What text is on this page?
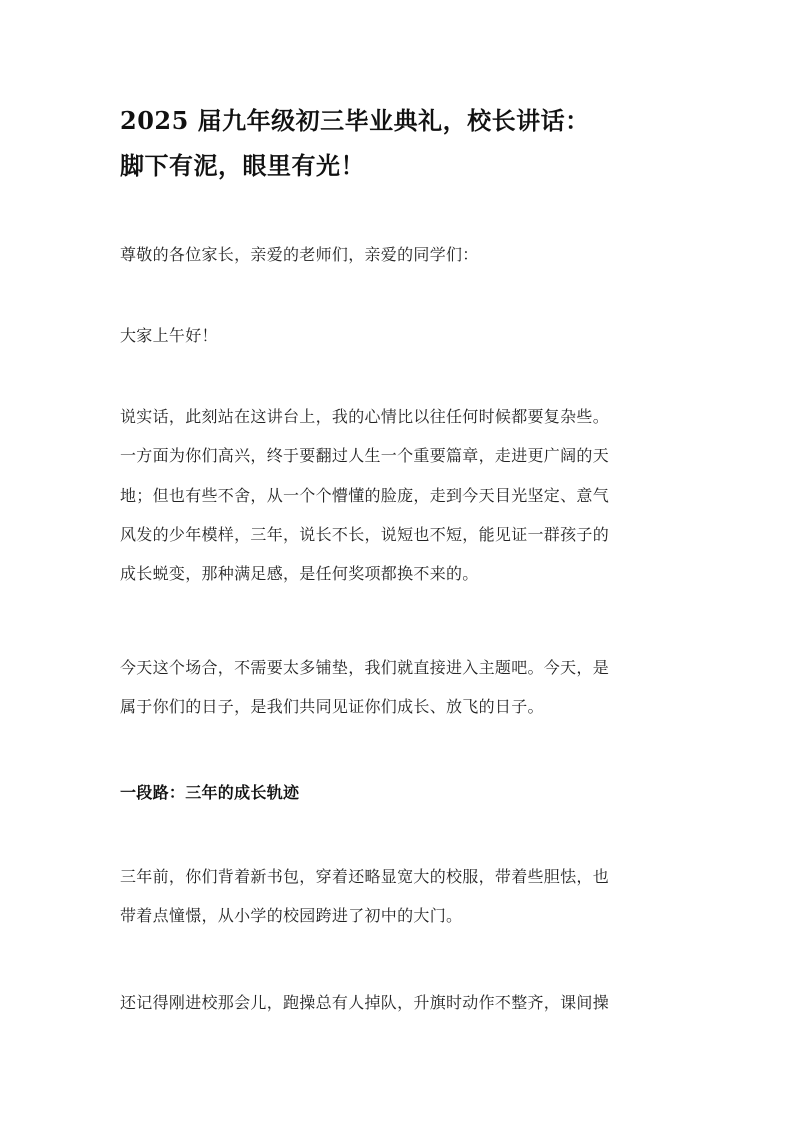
2025 届九年级初三毕业典礼，校长讲话：
脚下有泥，眼里有光！
尊敬的各位家长，亲爱的老师们，亲爱的同学们：
大家上午好！
说实话，此刻站在这讲台上，我的心情比以往任何时候都要复杂些。
一方面为你们高兴，终于要翻过人生一个重要篇章，走进更广阔的天
地；但也有些不舍，从一个个懵懂的脸庞，走到今天目光坚定、意气
风发的少年模样，三年，说长不长，说短也不短，能见证一群孩子的
成长蜕变，那种满足感，是任何奖项都换不来的。
今天这个场合，不需要太多铺垫，我们就直接进入主题吧。今天，是
属于你们的日子，是我们共同见证你们成长、放飞的日子。
一段路：三年的成长轨迹
三年前，你们背着新书包，穿着还略显宽大的校服，带着些胆怯，也
带着点憧憬，从小学的校园跨进了初中的大门。
还记得刚进校那会儿，跑操总有人掉队，升旗时动作不整齐，课间操
